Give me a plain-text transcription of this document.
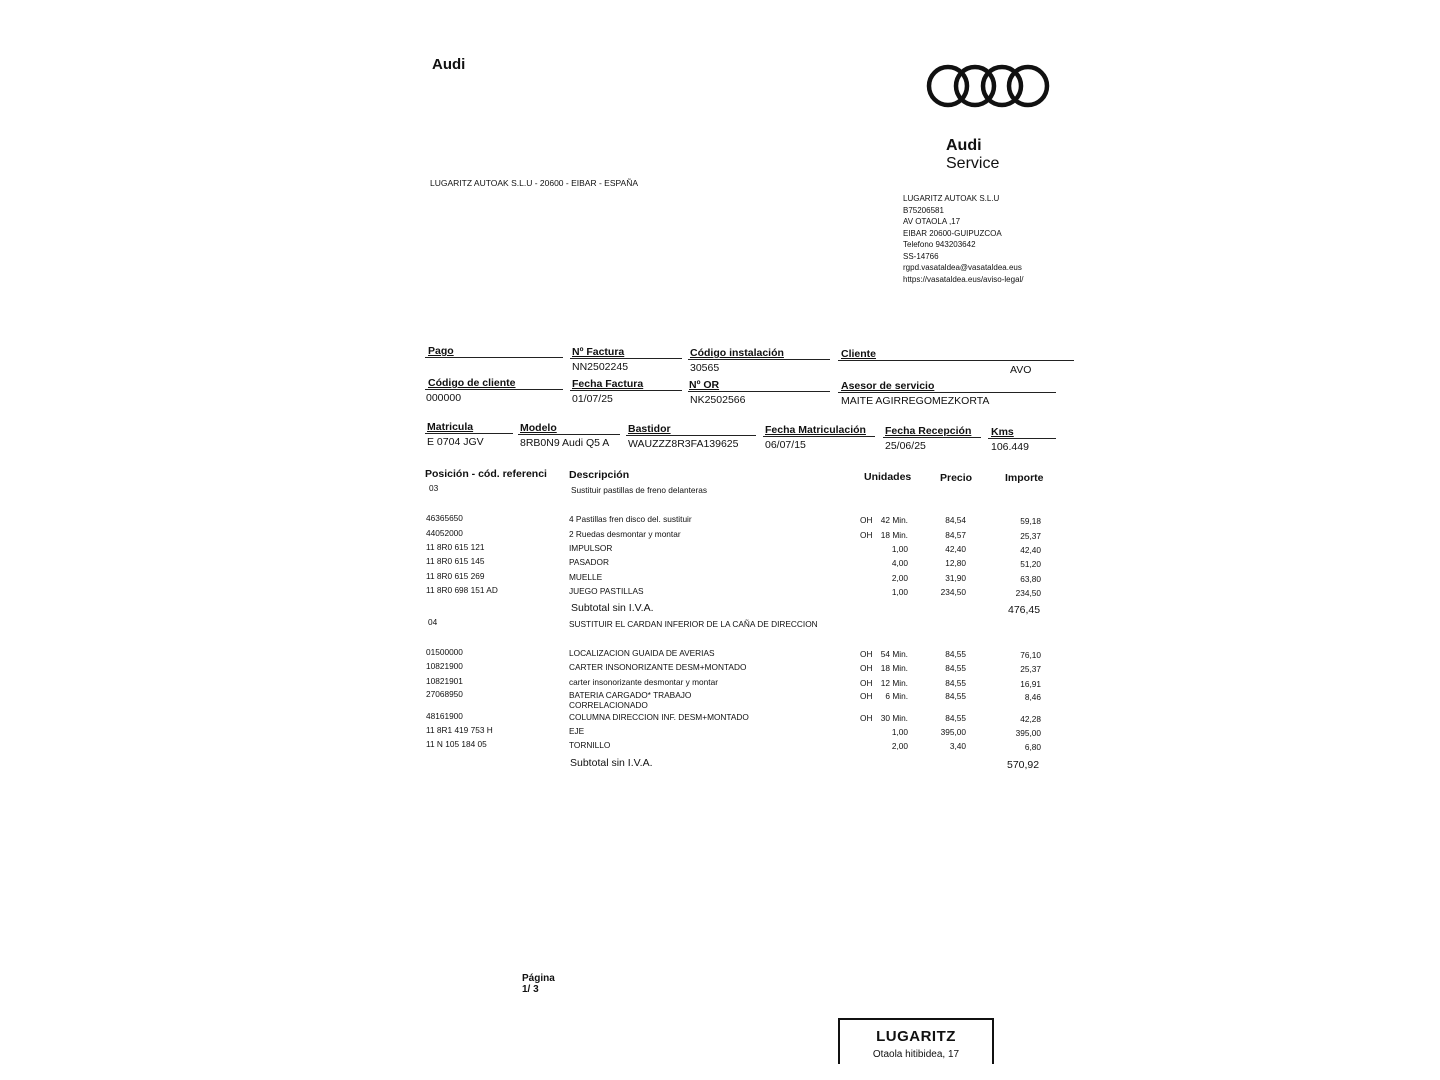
Audi
Audi
Service
LUGARITZ AUTOAK S.L.U - 20600 - EIBAR - ESPAÑA
LUGARITZ AUTOAK S.L.U
B75206581
AV OTAOLA ,17
EIBAR 20600-GUIPUZCOA
Telefono 943203642
SS-14766
rgpd.vasataldea@vasataldea.eus
https://vasataldea.eus/aviso-legal/
Pago	Nº Factura
NN2502245
Código instalación
30565
Cliente
AVO
Código de cliente
000000
Fecha Factura
01/07/25
Nº OR
NK2502566
Asesor de servicio
MAITE AGIRREGOMEZKORTA
Matricula
E 0704 JGV
Modelo
8RB0N9 Audi Q5 A
Bastidor
WAUZZZ8R3FA139625
Fecha Matriculación
06/07/15
Fecha Recepción
25/06/25
Kms
106.449
Posición - cód. referenci Descripción	Unidades	Precio	Importe
03	Sustituir pastillas de freno delanteras
46365650	4 Pastillas fren disco del. sustituir	OH	42 Min.	84,54	59,18
44052000	2 Ruedas desmontar y montar	OH	18 Min.	84,57	25,37
11 8R0 615 121	IMPULSOR	1,00	42,40	42,40
11 8R0 615 145	PASADOR	4,00	12,80	51,20
11 8R0 615 269	MUELLE	2,00	31,90	63,80
11 8R0 698 151 AD	JUEGO PASTILLAS	1,00	234,50	234,50
Subtotal sin I.V.A.	476,45
04	SUSTITUIR EL CARDAN INFERIOR DE LA CAÑA DE DIRECCION
01500000	LOCALIZACION GUAIDA DE AVERIAS	OH	54 Min.	84,55	76,10
10821900	CARTER INSONORIZANTE DESM+MONTADO	OH	18 Min.	84,55	25,37
10821901	carter insonorizante desmontar y montar	OH	12 Min.	84,55	16,91
27068950	BATERIA CARGADO* TRABAJO	OH	6 Min.	84,55	8,46
CORRELACIONADO
48161900	COLUMNA DIRECCION INF. DESM+MONTADO	OH	30 Min.	84,55	42,28
11 8R1 419 753 H	EJE	1,00	395,00	395,00
11 N 105 184 05	TORNILLO	2,00	3,40	6,80
Subtotal sin I.V.A.	570,92
Página
1/ 3
LUGARITZ
Otaola hitibidea, 17
